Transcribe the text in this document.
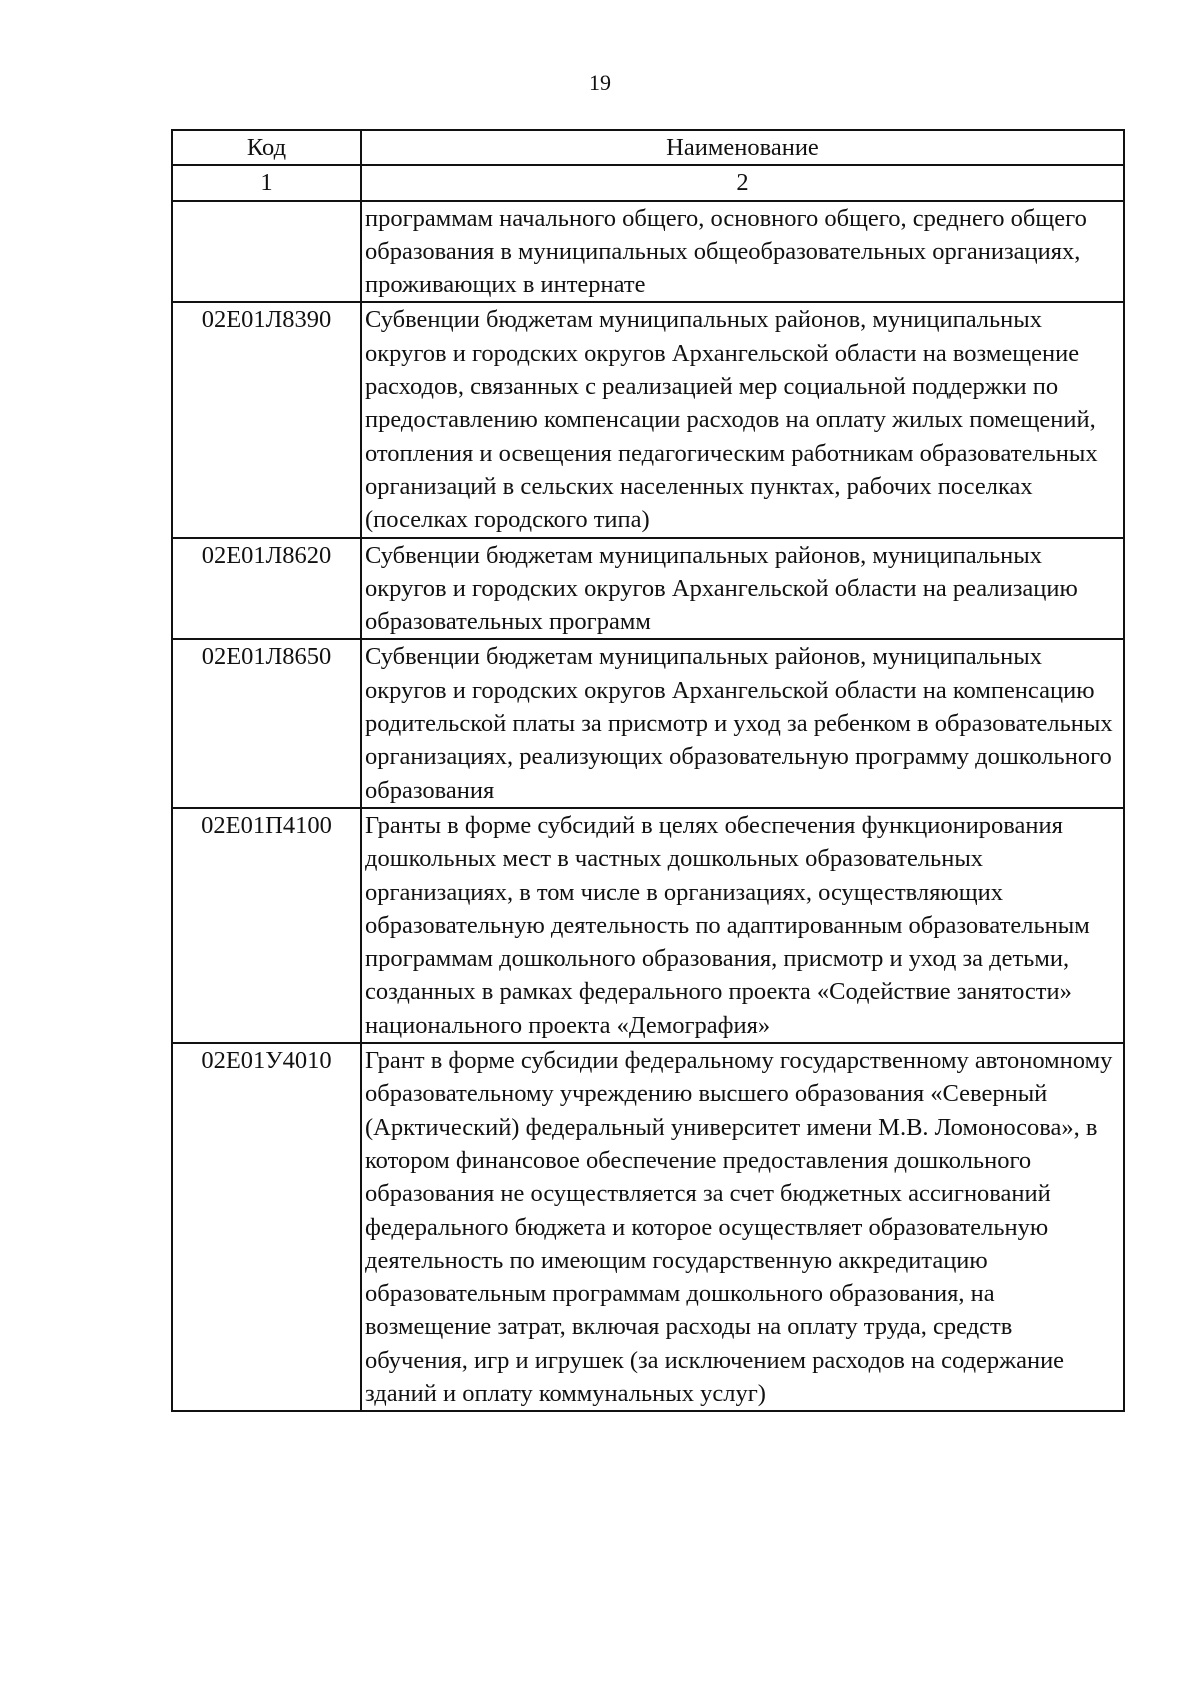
19
Код	Наименование
1	2
	программам начального общего, основного общего, среднего общего образования в муниципальных общеобразовательных организациях, проживающих в интернате
02Е01Л8390	Субвенции бюджетам муниципальных районов, муниципальных округов и городских округов Архангельской области на возмещение расходов, связанных с реализацией мер социальной поддержки по предоставлению компенсации расходов на оплату жилых помещений, отопления и освещения педагогическим работникам образовательных организаций в сельских населенных пунктах, рабочих поселках (поселках городского типа)
02Е01Л8620	Субвенции бюджетам муниципальных районов, муниципальных округов и городских округов Архангельской области на реализацию образовательных программ
02Е01Л8650	Субвенции бюджетам муниципальных районов, муниципальных округов и городских округов Архангельской области на компенсацию родительской платы за присмотр и уход за ребенком в образовательных организациях, реализующих образовательную программу дошкольного образования
02Е01П4100	Гранты в форме субсидий в целях обеспечения функционирования дошкольных мест в частных дошкольных образовательных организациях, в том числе в организациях, осуществляющих образовательную деятельность по адаптированным образовательным программам дошкольного образования, присмотр и уход за детьми, созданных в рамках федерального проекта «Содействие занятости» национального проекта «Демография»
02Е01У4010	Грант в форме субсидии федеральному государственному автономному образовательному учреждению высшего образования «Северный (Арктический) федеральный университет имени М.В. Ломоносова», в котором финансовое обеспечение предоставления дошкольного образования не осуществляется за счет бюджетных ассигнований федерального бюджета и которое осуществляет образовательную деятельность по имеющим государственную аккредитацию образовательным программам дошкольного образования, на возмещение затрат, включая расходы на оплату труда, средств обучения, игр и игрушек (за исключением расходов на содержание зданий и оплату коммунальных услуг)
